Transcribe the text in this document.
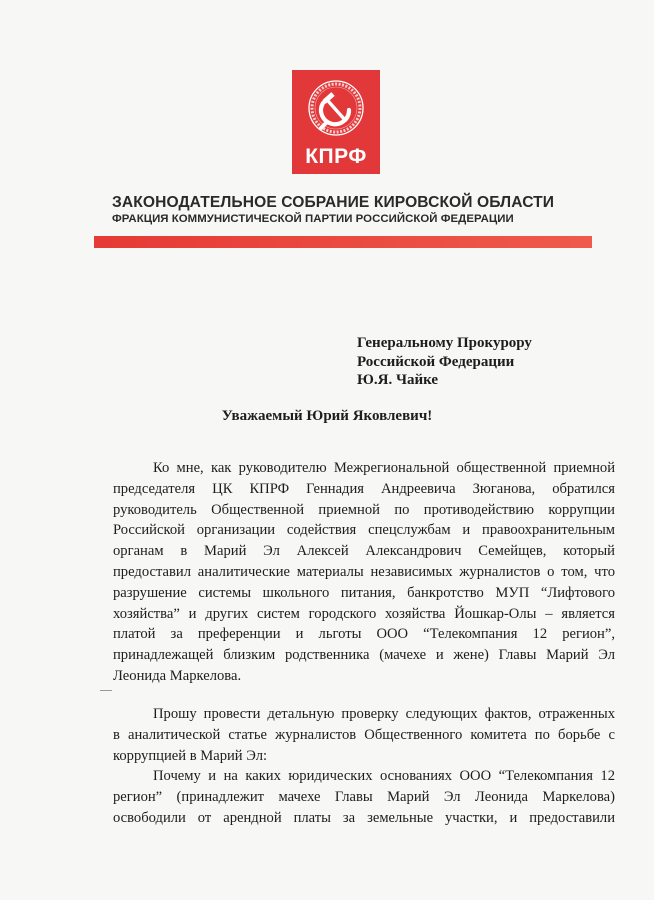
КПРФ
ЗАКОНОДАТЕЛЬНОЕ СОБРАНИЕ КИРОВСКОЙ ОБЛАСТИ
ФРАКЦИЯ КОММУНИСТИЧЕСКОЙ ПАРТИИ РОССИЙСКОЙ ФЕДЕРАЦИИ
Генеральному Прокурору
Российской Федерации
Ю.Я. Чайке
Уважаемый Юрий Яковлевич!
Ко мне, как руководителю Межрегиональной общественной приемной
председателя ЦК КПРФ Геннадия Андреевича Зюганова, обратился
руководитель Общественной приемной по противодействию коррупции
Российской организации содействия спецслужбам и правоохранительным
органам в Марий Эл Алексей Александрович Семейщев, который
предоставил аналитические материалы независимых журналистов о том, что
разрушение системы школьного питания, банкротство МУП “Лифтового
хозяйства” и других систем городского хозяйства Йошкар-Олы – является
платой за преференции и льготы ООО “Телекомпания 12 регион”,
принадлежащей близким родственника (мачехе и жене) Главы Марий Эл
Леонида Маркелова.
Прошу провести детальную проверку следующих фактов, отраженных
в аналитической статье журналистов Общественного комитета по борьбе с
коррупцией в Марий Эл:
Почему и на каких юридических основаниях ООО “Телекомпания 12
регион” (принадлежит мачехе Главы Марий Эл Леонида Маркелова)
освободили от арендной платы за земельные участки, и предоставили
